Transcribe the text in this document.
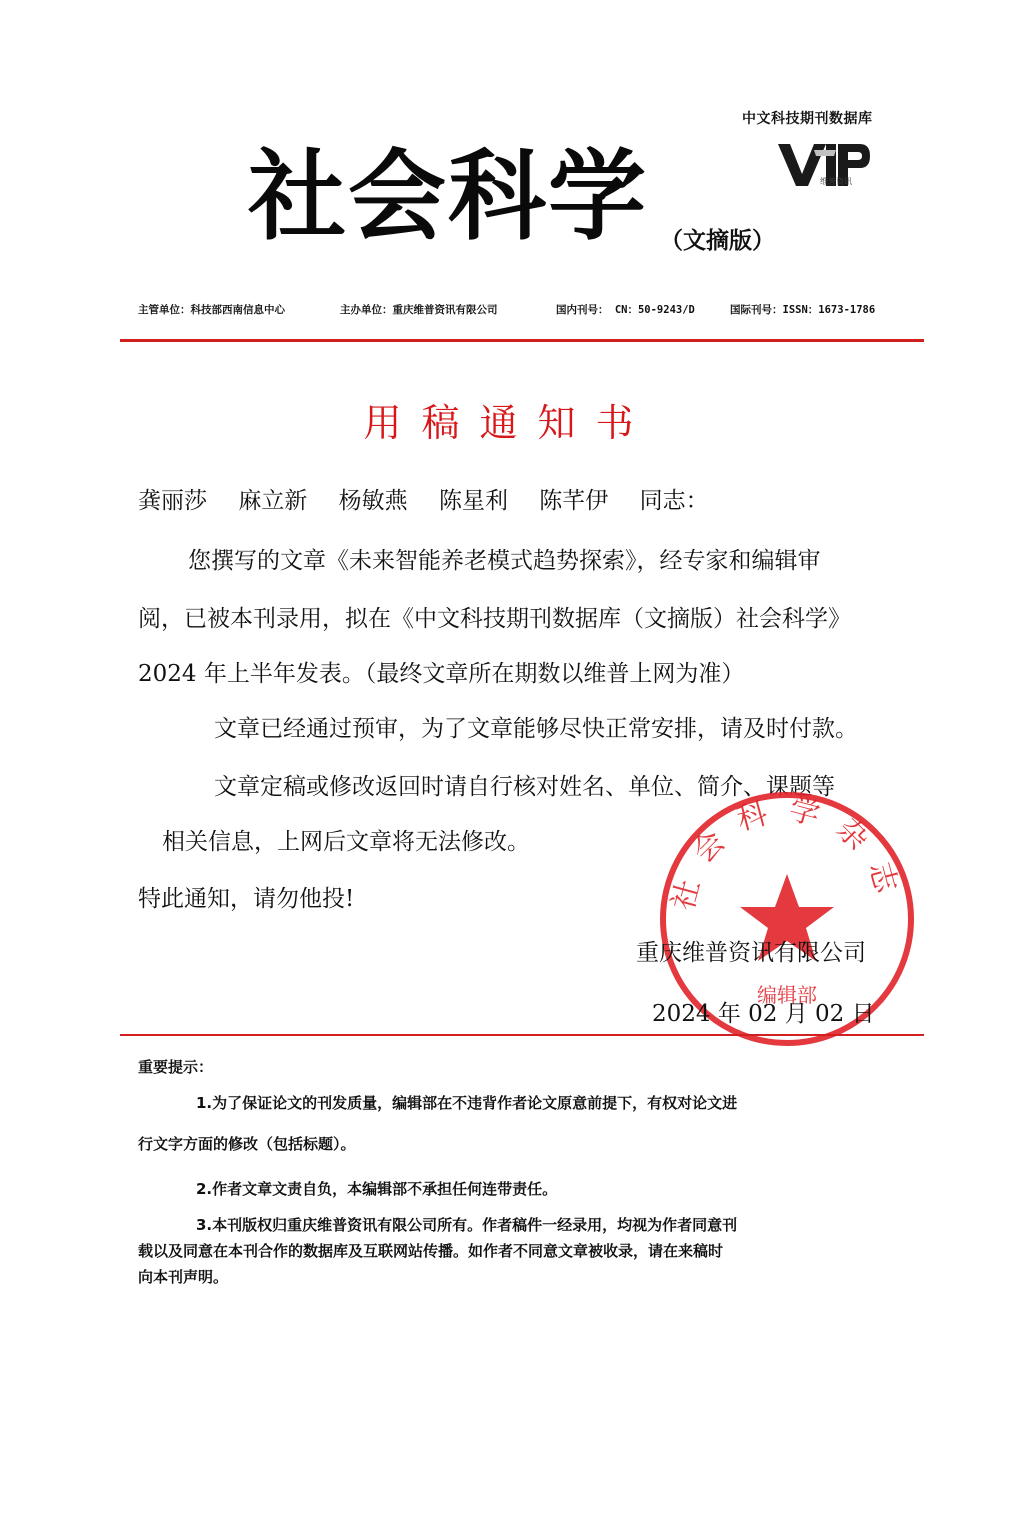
中文科技期刊数据库
维普资讯
社会科学 （文摘版）
主管单位：科技部西南信息中心	主办单位：重庆维普资讯有限公司	国内刊号： CN：50-9243/D	国际刊号：ISSN：1673-1786
用稿通知书
龚丽莎 麻立新 杨敏燕 陈星利 陈芊伊 同志：
您撰写的文章《未来智能养老模式趋势探索》，经专家和编辑审
阅，已被本刊录用，拟在《中文科技期刊数据库（文摘版）社会科学》
2024 年上半年发表。（最终文章所在期数以维普上网为准）
文章已经通过预审，为了文章能够尽快正常安排，请及时付款。
文章定稿或修改返回时请自行核对姓名、单位、简介、课题等
相关信息，上网后文章将无法修改。
特此通知，请勿他投!	社会科学杂志
编辑部
重庆维普资讯有限公司
2024 年 02 月 02 日
重要提示：
1.为了保证论文的刊发质量，编辑部在不违背作者论文原意前提下，有权对论文进
行文字方面的修改（包括标题）。
2.作者文章文责自负，本编辑部不承担任何连带责任。
3.本刊版权归重庆维普资讯有限公司所有。作者稿件一经录用，均视为作者同意刊
载以及同意在本刊合作的数据库及互联网站传播。如作者不同意文章被收录，请在来稿时
向本刊声明。
